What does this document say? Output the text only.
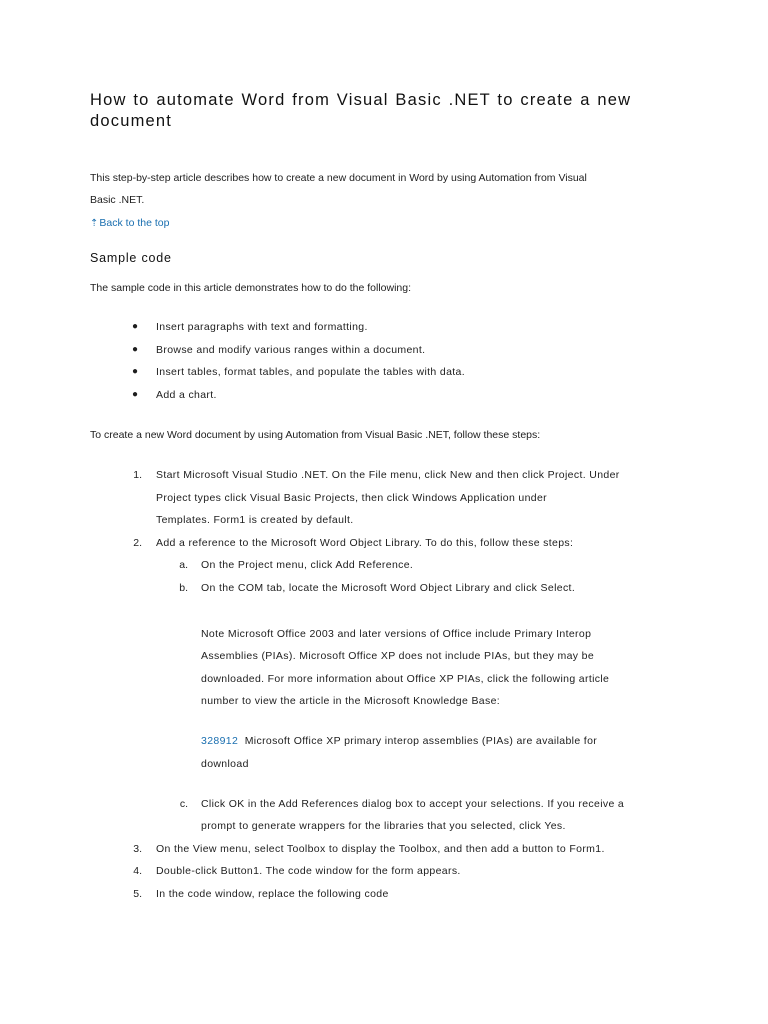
How to automate Word from Visual Basic .NET to create a new document

This step-by-step article describes how to create a new document in Word by using Automation from Visual

Basic .NET.

⇡Back to the top
Sample code

The sample code in this article demonstrates how to do the following:

● Insert paragraphs with text and formatting.

● Browse and modify various ranges within a document.

● Insert tables, format tables, and populate the tables with data.

● Add a chart.

To create a new Word document by using Automation from Visual Basic .NET, follow these steps:

1. Start Microsoft Visual Studio .NET. On the File menu, click New and then click Project. Under

Project types click Visual Basic Projects, then click Windows Application under

Templates. Form1 is created by default.

2. Add a reference to the Microsoft Word Object Library. To do this, follow these steps:

a. On the Project menu, click Add Reference.

b. On the COM tab, locate the Microsoft Word Object Library and click Select.

Note Microsoft Office 2003 and later versions of Office include Primary Interop

Assemblies (PIAs). Microsoft Office XP does not include PIAs, but they may be

downloaded. For more information about Office XP PIAs, click the following article

number to view the article in the Microsoft Knowledge Base:

328912 Microsoft Office XP primary interop assemblies (PIAs) are available for

download

c. Click OK in the Add References dialog box to accept your selections. If you receive a

prompt to generate wrappers for the libraries that you selected, click Yes.

3. On the View menu, select Toolbox to display the Toolbox, and then add a button to Form1.

4. Double-click Button1. The code window for the form appears.

5. In the code window, replace the following code
